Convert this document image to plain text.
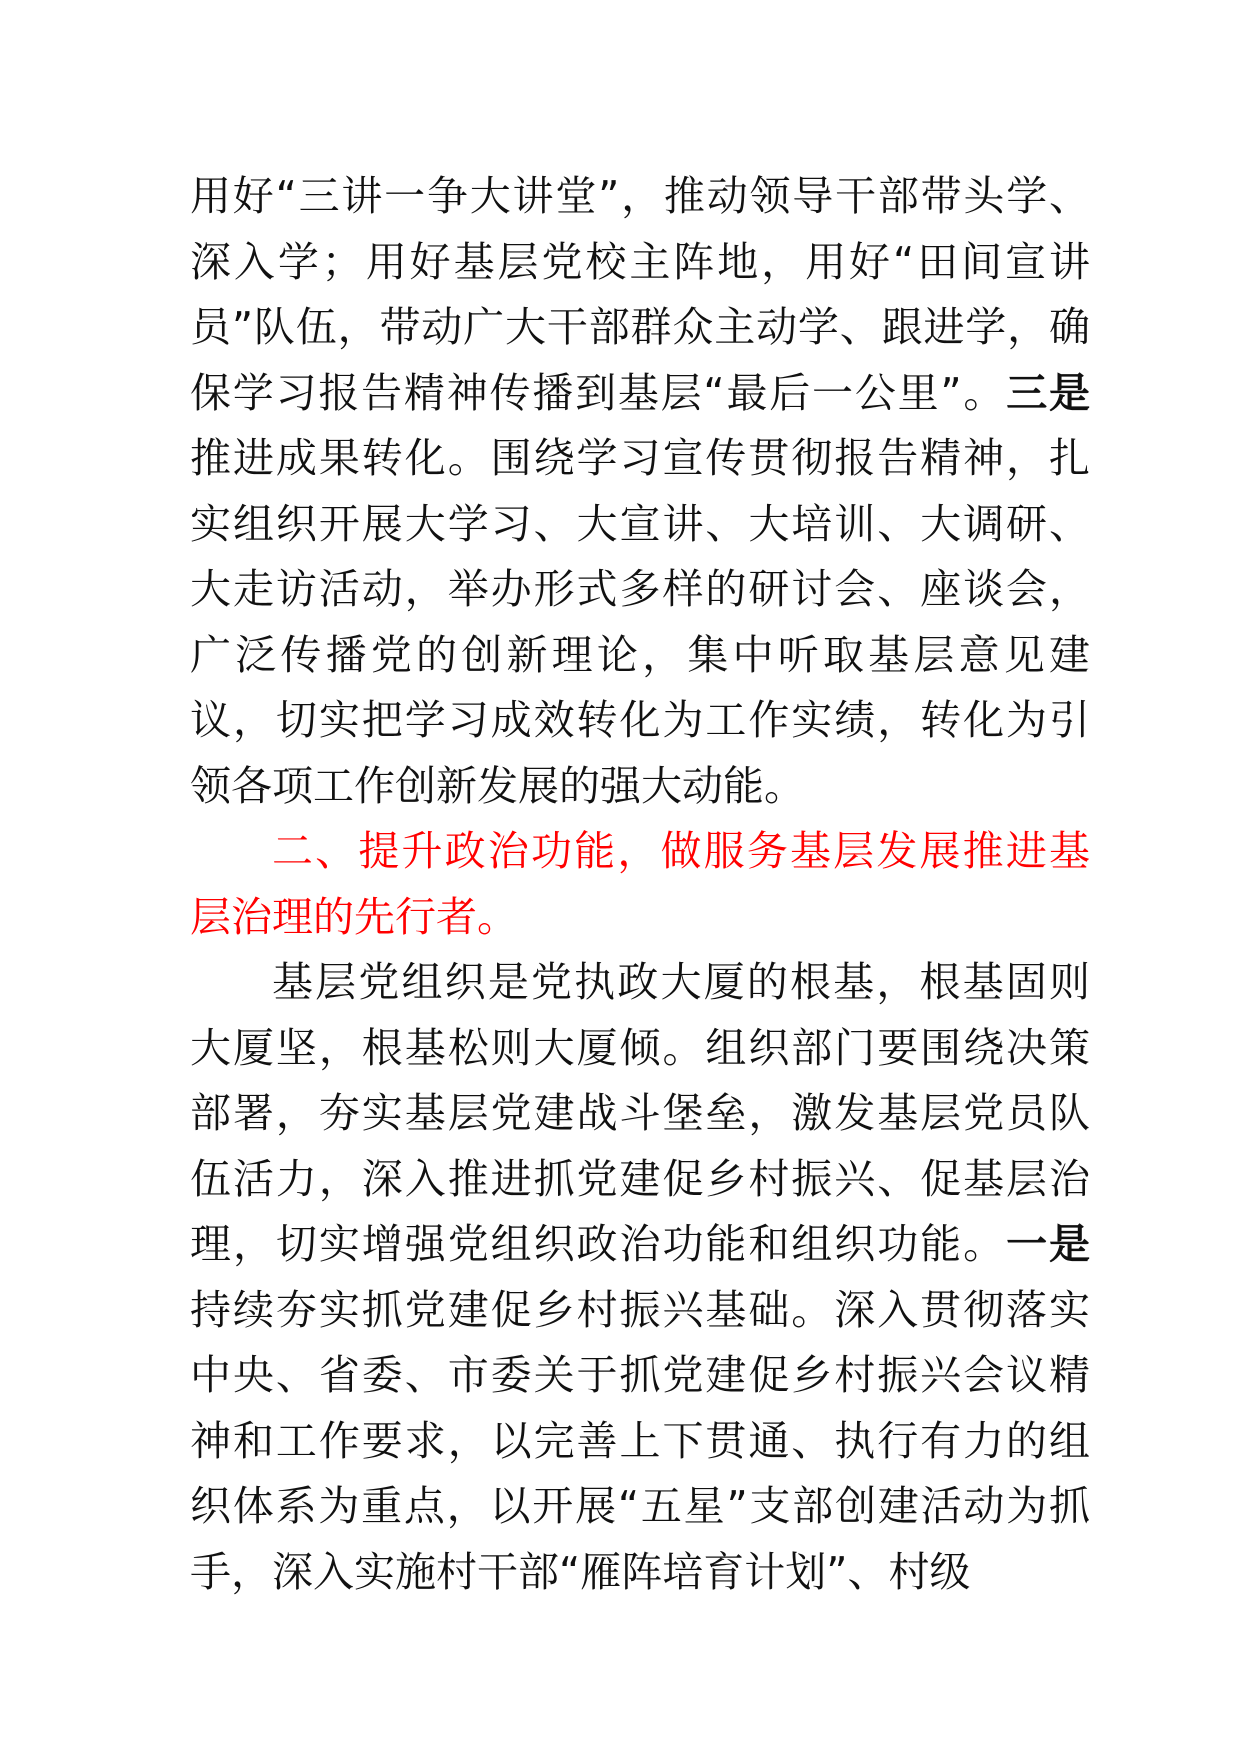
用好“三讲一争大讲堂”，推动领导干部带头学、深入学；用好基层党校主阵地，用好“田间宣讲员”队伍，带动广大干部群众主动学、跟进学，确保学习报告精神传播到基层“最后一公里”。三是推进成果转化。围绕学习宣传贯彻报告精神，扎实组织开展大学习、大宣讲、大培训、大调研、大走访活动，举办形式多样的研讨会、座谈会，广泛传播党的创新理论，集中听取基层意见建议，切实把学习成效转化为工作实绩，转化为引领各项工作创新发展的强大动能。

二、提升政治功能，做服务基层发展推进基层治理的先行者。

基层党组织是党执政大厦的根基，根基固则大厦坚，根基松则大厦倾。组织部门要围绕决策部署，夯实基层党建战斗堡垒，激发基层党员队伍活力，深入推进抓党建促乡村振兴、促基层治理，切实增强党组织政治功能和组织功能。一是持续夯实抓党建促乡村振兴基础。深入贯彻落实中央、省委、市委关于抓党建促乡村振兴会议精神和工作要求，以完善上下贯通、执行有力的组织体系为重点，以开展“五星”支部创建活动为抓手，深入实施村干部“雁阵培育计划”、村级
